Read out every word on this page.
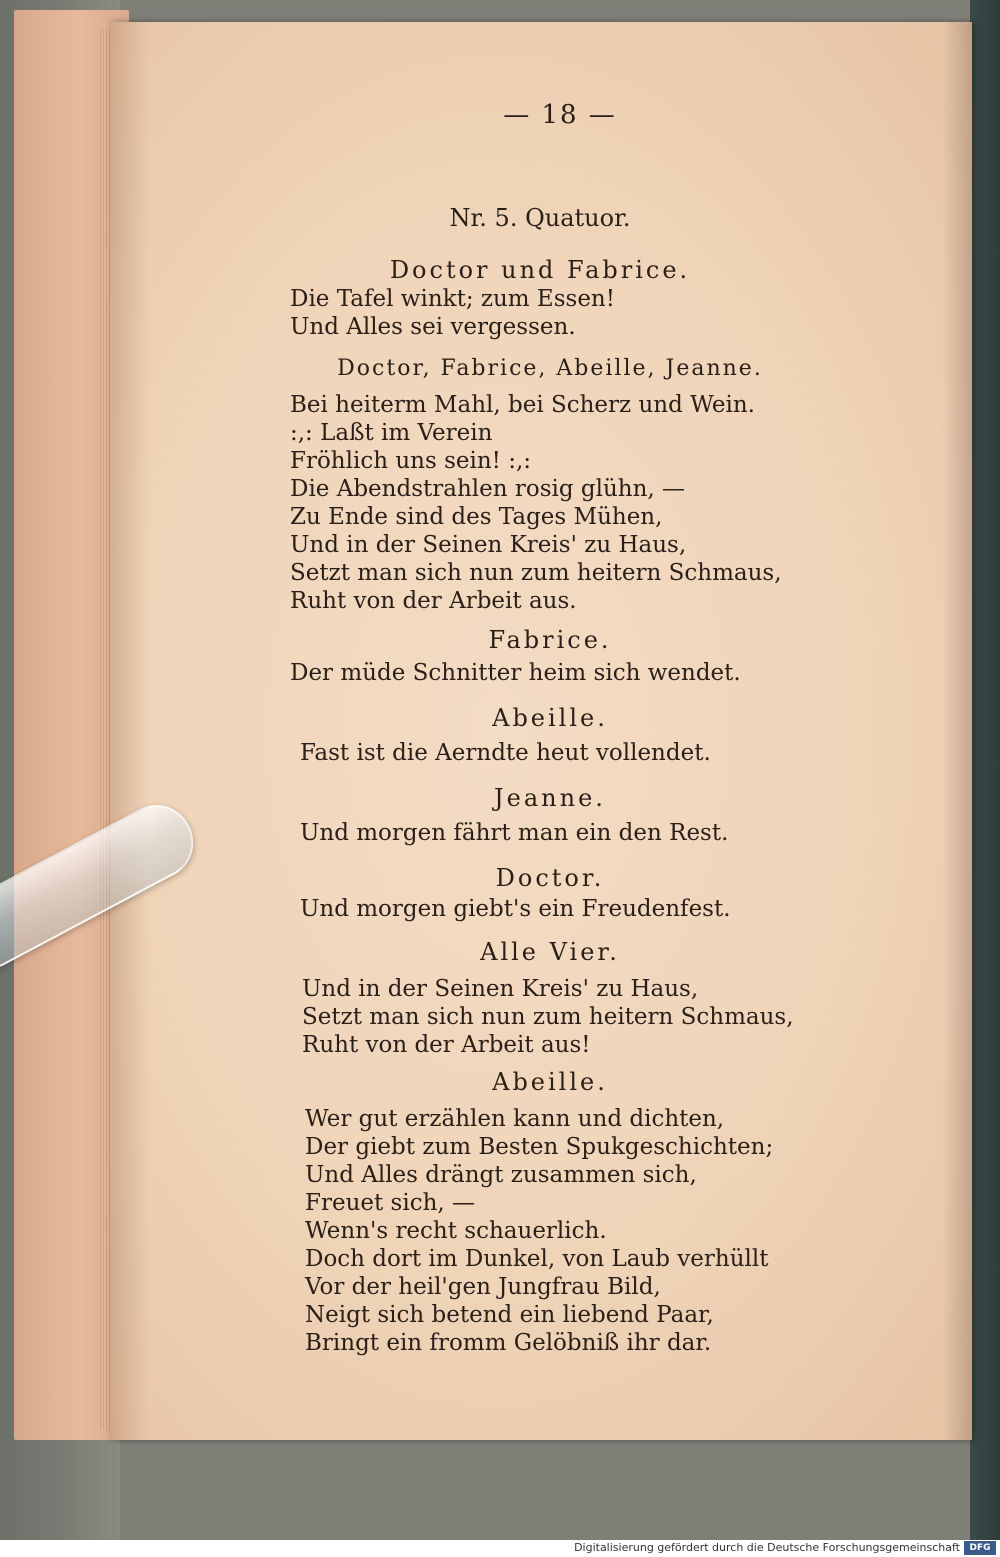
— 18 —
Nr. 5. Quatuor.
Doctor und Fabrice.
Die Tafel winkt; zum Essen!
Und Alles sei vergessen.
Doctor, Fabrice, Abeille, Jeanne.
Bei heiterm Mahl, bei Scherz und Wein.
:,: Laßt im Verein
Fröhlich uns sein! :,:
Die Abendstrahlen rosig glühn, —
Zu Ende sind des Tages Mühen,
Und in der Seinen Kreis' zu Haus,
Setzt man sich nun zum heitern Schmaus,
Ruht von der Arbeit aus.
Fabrice.
Der müde Schnitter heim sich wendet.
Abeille.
Fast ist die Aerndte heut vollendet.
Jeanne.
Und morgen fährt man ein den Rest.
Doctor.
Und morgen giebt's ein Freudenfest.
Alle Vier.
Und in der Seinen Kreis' zu Haus,
Setzt man sich nun zum heitern Schmaus,
Ruht von der Arbeit aus!
Abeille.
Wer gut erzählen kann und dichten,
Der giebt zum Besten Spukgeschichten;
Und Alles drängt zusammen sich,
Freuet sich, —
Wenn's recht schauerlich.
Doch dort im Dunkel, von Laub verhüllt
Vor der heil'gen Jungfrau Bild,
Neigt sich betend ein liebend Paar,
Bringt ein fromm Gelöbniß ihr dar.
Digitalisierung gefördert durch die Deutsche Forschungsgemeinschaft	DFG
